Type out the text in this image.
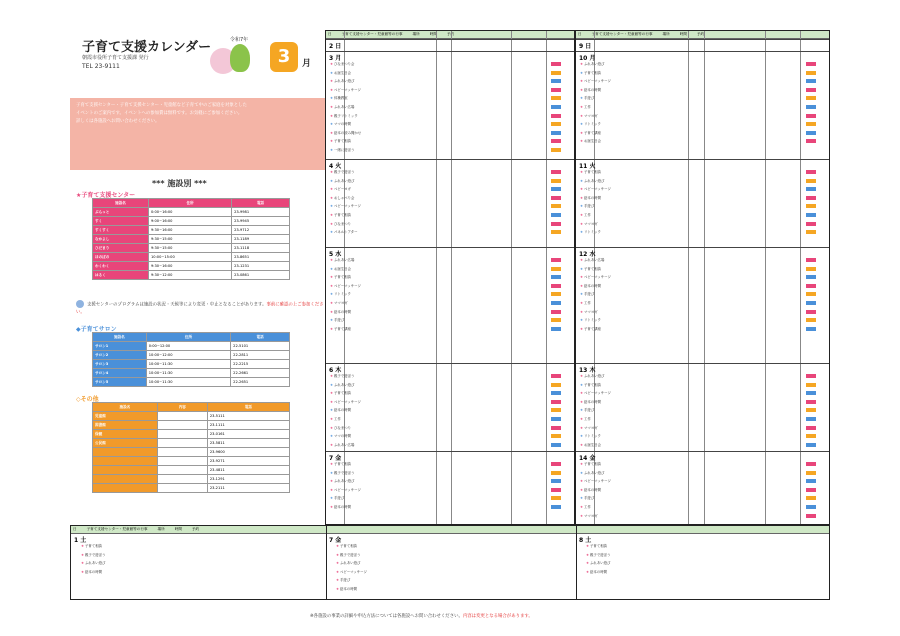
子育て支援カレンダー	令和7年
3	月
朝霞市役所子育て支援課 発行
TEL 23-9111

子育て支援センター・子育て支援センター・児童館など子育て中のご家庭を対象とした

イベントのご案内です。イベントへの参加費は無料です。お気軽にご参加ください。

詳しくは各施設へお問い合わせください。

*** 施設別 ***
★子育て支援センター
施設名	住所	電話
ぶらっと	0:00~16:00	23-9981
すく	9:00~16:00	23-9945
すくすく	9:30~16:00	23-9712
なかよし	9:30~15:00	23-1189
ひだまり	9:30~15:00	23-1118
ほのぼの	10:00~15:00	23-8651
わくわく	9:30~16:00	23-1231
はるく	9:30~12:00	23-0861
支援センターのプログラムは施設の状況・天候等により変更・中止となることがあります。事前に確認の上ご参加ください。
◆子育てサロン
施設名	住所	電話
サロン1	0:00~12:00	22-5101
サロン2	10:00~12:00	22-2811
サロン3	10:00~11:30	22-2215
サロン4	10:00~11:30	22-2661
サロン5	10:00~11:30	22-2651
◇その他
施設名	内容	電話
児童館		23-5111
図書館		23-1111
保健		23-0161
公民館		23-5811
		23-9600
		23-9271
		23-4811
		23-1291
		23-2111
日	子育て支援センター・児童館等の行事	場所	時間	予約
2 日
3 月
★ひなまつり会
★お誕生日会
★ふれあい遊び
★ベビーマッサージ
★体操教室
★ふれあい広場
★親子リトミック
★ママの時間
★絵本の読み聞かせ
★子育て相談
★一緒に遊ぼう
4 火
★親子で遊ぼう
★ふれあい遊び
★ベビーヨガ
★おしゃべり会
★ベビーマッサージ
★子育て相談
★ひなまつり
★パネルシアター
5 水
★ふれあい広場
★お誕生日会
★子育て相談
★ベビーマッサージ
★リトミック
★ママヨガ
★絵本の時間
★手遊び
★子育て講座
6 木
★親子で遊ぼう
★ふれあい遊び
★子育て相談
★ベビーマッサージ
★絵本の時間
★工作
★ひなまつり
★ママの時間
★ふれあい広場
7 金
★子育て相談
★親子で遊ぼう
★ふれあい遊び
★ベビーマッサージ
★手遊び
★絵本の時間
日	子育て支援センター・児童館等の行事	場所	時間	予約
9 日
10 月
★ふれあい遊び
★子育て相談
★ベビーマッサージ
★絵本の時間
★手遊び
★工作
★ママヨガ
★リトミック
★子育て講座
★お誕生日会
11 火
★子育て相談
★ふれあい遊び
★ベビーマッサージ
★絵本の時間
★手遊び
★工作
★ママヨガ
★リトミック
12 水
★ふれあい広場
★子育て相談
★ベビーマッサージ
★絵本の時間
★手遊び
★工作
★ママヨガ
★リトミック
★子育て講座
13 木
★ふれあい遊び
★子育て相談
★ベビーマッサージ
★絵本の時間
★手遊び
★工作
★ママヨガ
★リトミック
★お誕生日会
14 金
★子育て相談
★ふれあい遊び
★ベビーマッサージ
★絵本の時間
★手遊び
★工作
★ママヨガ
日	子育て支援センター・児童館等の行事	場所	時間	予約
1 土
★子育て相談
★親子で遊ぼう
★ふれあい遊び
★絵本の時間
7 金
★子育て相談
★親子で遊ぼう
★ふれあい遊び
★ベビーマッサージ
★手遊び
★絵本の時間
8 土
★子育て相談
★親子で遊ぼう
★ふれあい遊び
★絵本の時間
※各施設の事業の詳細や申込方法については各施設へお問い合わせください。内容は変更となる場合があります。
